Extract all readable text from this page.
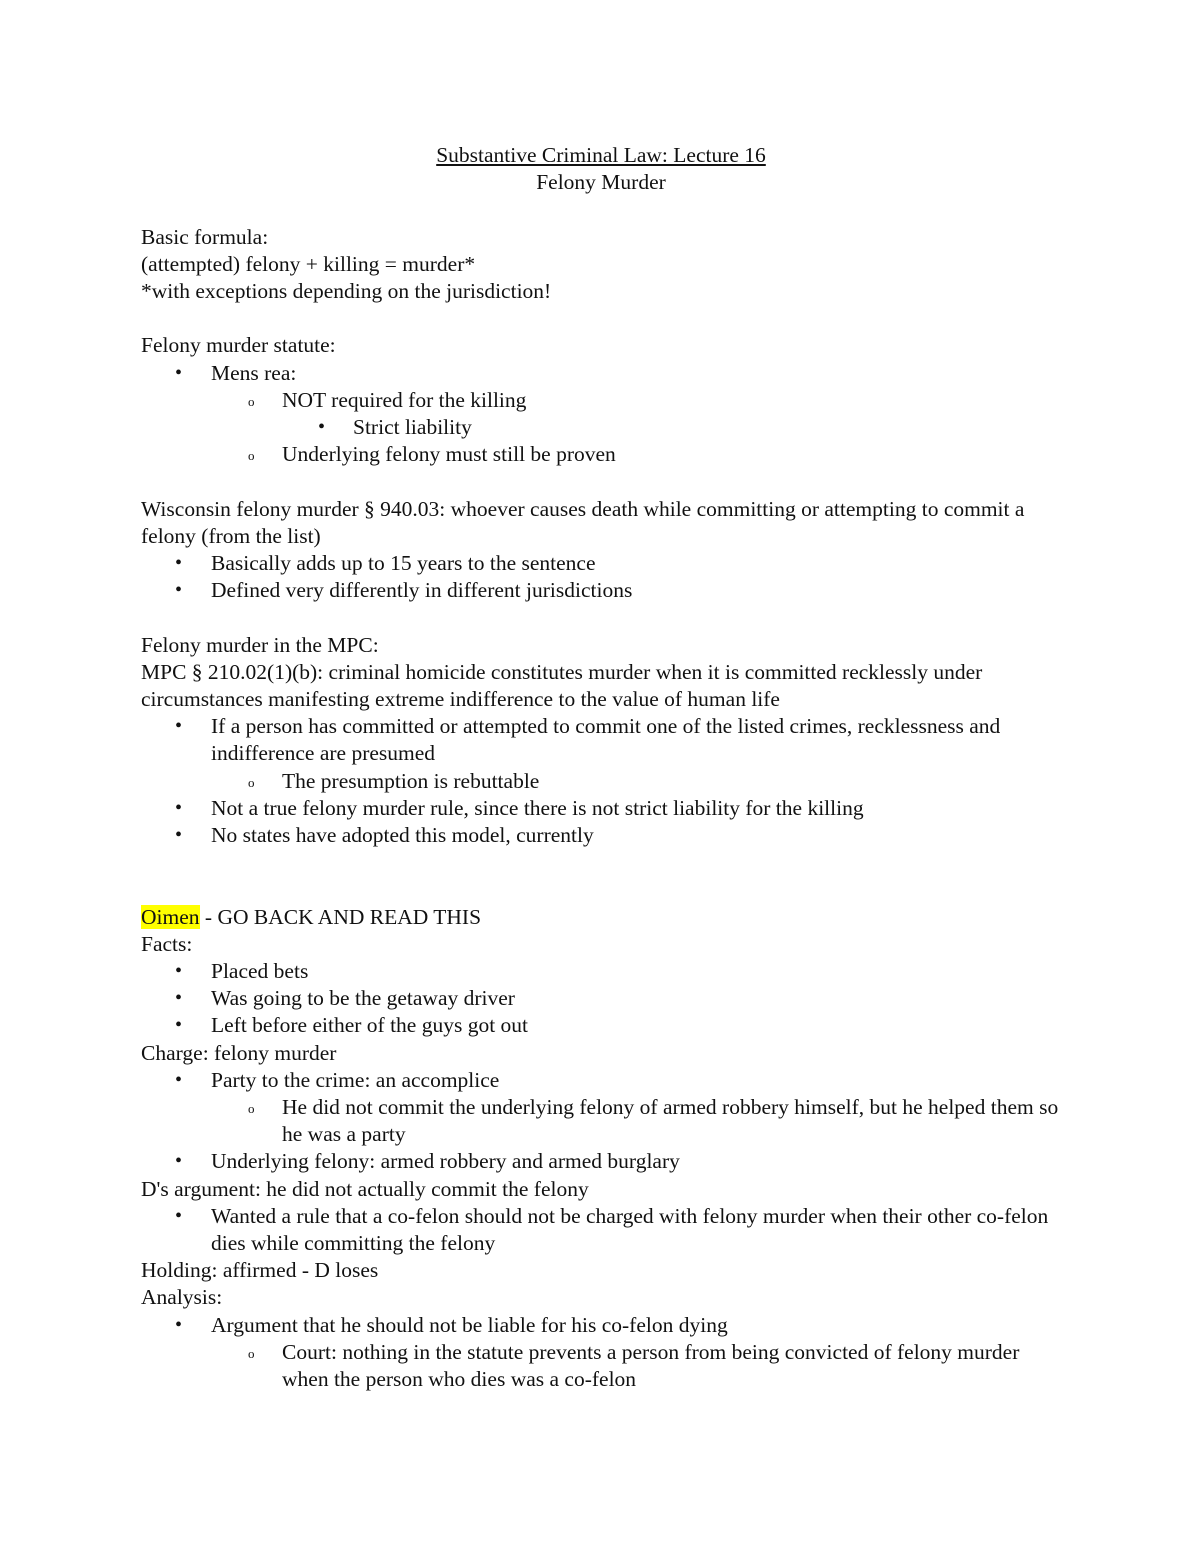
Substantive Criminal Law: Lecture 16

Felony Murder

Basic formula:

(attempted) felony + killing = murder*

*with exceptions depending on the jurisdiction!

Felony murder statute:

•
Mens rea:
o
NOT required for the killing
•
Strict liability
o
Underlying felony must still be proven

Wisconsin felony murder § 940.03: whoever causes death while committing or attempting to commit a felony (from the list)

•
Basically adds up to 15 years to the sentence
•
Defined very differently in different jurisdictions

Felony murder in the MPC:

MPC § 210.02(1)(b): criminal homicide constitutes murder when it is committed recklessly under circumstances manifesting extreme indifference to the value of human life

•
If a person has committed or attempted to commit one of the listed crimes, recklessness and indifference are presumed
o
The presumption is rebuttable
•
Not a true felony murder rule, since there is not strict liability for the killing
•
No states have adopted this model, currently

Oimen - GO BACK AND READ THIS

Facts:

•
Placed bets
•
Was going to be the getaway driver
•
Left before either of the guys got out

Charge: felony murder

•
Party to the crime: an accomplice
o
He did not commit the underlying felony of armed robbery himself, but he helped them so he was a party
•
Underlying felony: armed robbery and armed burglary

D's argument: he did not actually commit the felony

•
Wanted a rule that a co-felon should not be charged with felony murder when their other co-felon dies while committing the felony

Holding: affirmed - D loses

Analysis:

•
Argument that he should not be liable for his co-felon dying
o
Court: nothing in the statute prevents a person from being convicted of felony murder when the person who dies was a co-felon
